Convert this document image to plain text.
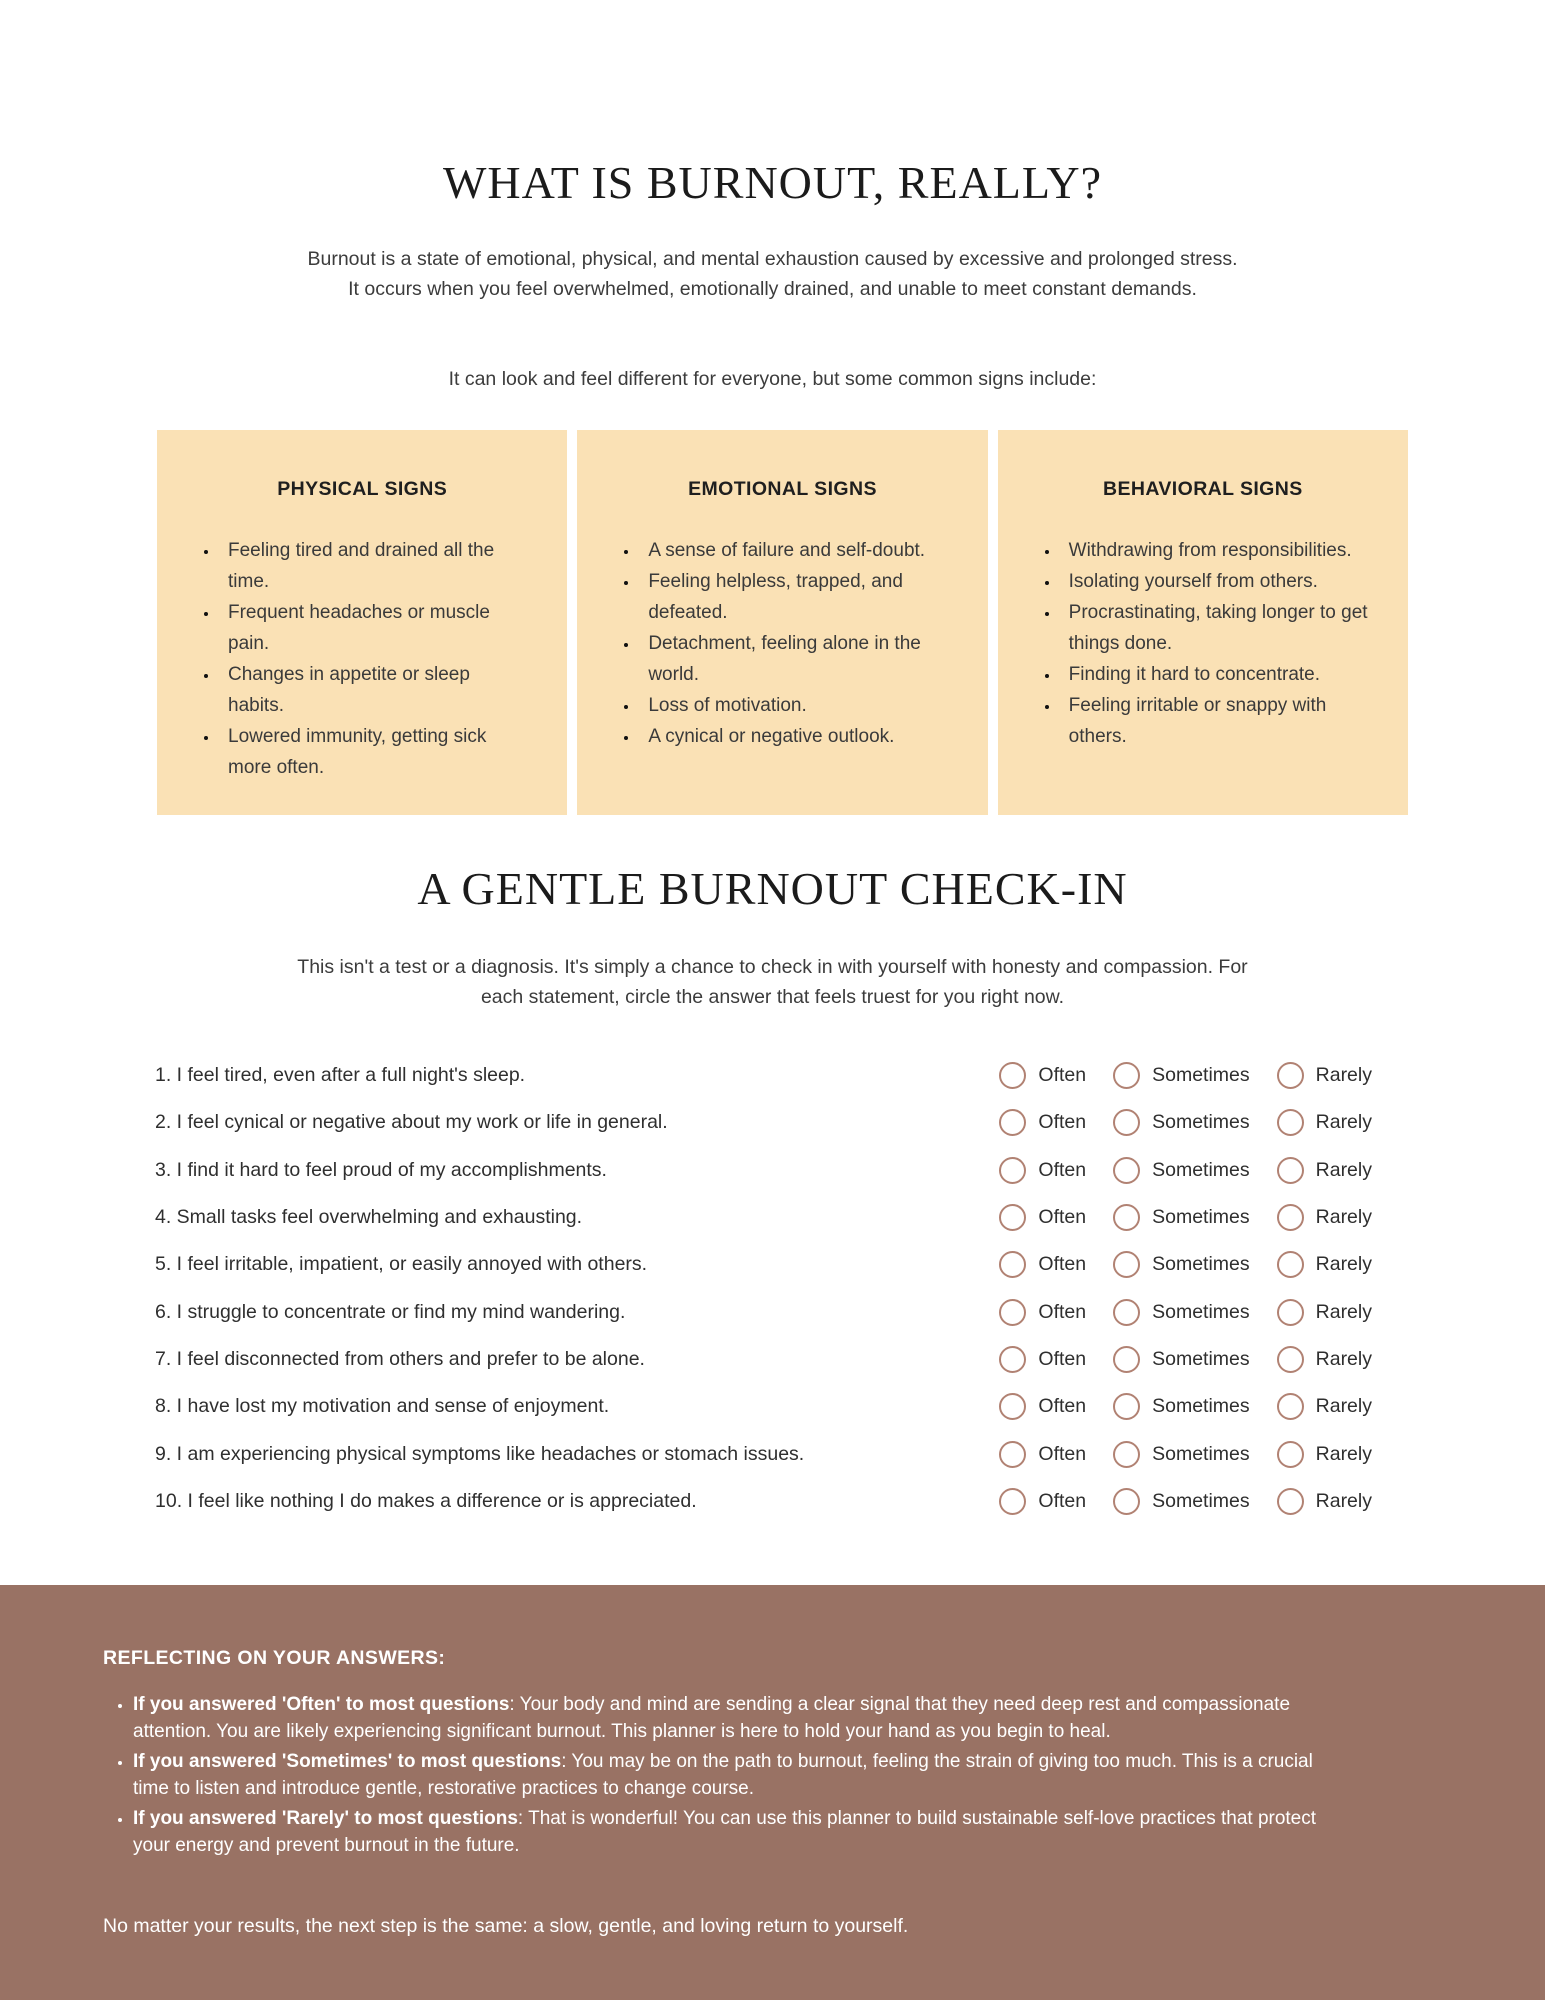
WHAT IS BURNOUT, REALLY?

Burnout is a state of emotional, physical, and mental exhaustion caused by excessive and prolonged stress. It occurs when you feel overwhelmed, emotionally drained, and unable to meet constant demands.

It can look and feel different for everyone, but some common signs include:

PHYSICAL SIGNS
• Feeling tired and drained all the time.
• Frequent headaches or muscle pain.
• Changes in appetite or sleep habits.
• Lowered immunity, getting sick more often.
EMOTIONAL SIGNS
• A sense of failure and self-doubt.
• Feeling helpless, trapped, and defeated.
• Detachment, feeling alone in the world.
• Loss of motivation.
• A cynical or negative outlook.
BEHAVIORAL SIGNS
• Withdrawing from responsibilities.
• Isolating yourself from others.
• Procrastinating, taking longer to get things done.
• Finding it hard to concentrate.
• Feeling irritable or snappy with others.
A GENTLE BURNOUT CHECK-IN

This isn't a test or a diagnosis. It's simply a chance to check in with yourself with honesty and compassion. For each statement, circle the answer that feels truest for you right now.

1. I feel tired, even after a full night's sleep.	Often	Sometimes	Rarely
2. I feel cynical or negative about my work or life in general.	Often	Sometimes	Rarely
3. I find it hard to feel proud of my accomplishments.	Often	Sometimes	Rarely
4. Small tasks feel overwhelming and exhausting.	Often	Sometimes	Rarely
5. I feel irritable, impatient, or easily annoyed with others.	Often	Sometimes	Rarely
6. I struggle to concentrate or find my mind wandering.	Often	Sometimes	Rarely
7. I feel disconnected from others and prefer to be alone.	Often	Sometimes	Rarely
8. I have lost my motivation and sense of enjoyment.	Often	Sometimes	Rarely
9. I am experiencing physical symptoms like headaches or stomach issues.	Often	Sometimes	Rarely
10. I feel like nothing I do makes a difference or is appreciated.	Often	Sometimes	Rarely
REFLECTING ON YOUR ANSWERS:
• If you answered 'Often' to most questions: Your body and mind are sending a clear signal that they need deep rest and compassionate attention. You are likely experiencing significant burnout. This planner is here to hold your hand as you begin to heal.
• If you answered 'Sometimes' to most questions: You may be on the path to burnout, feeling the strain of giving too much. This is a crucial time to listen and introduce gentle, restorative practices to change course.
• If you answered 'Rarely' to most questions: That is wonderful! You can use this planner to build sustainable self-love practices that protect your energy and prevent burnout in the future.
No matter your results, the next step is the same: a slow, gentle, and loving return to yourself.
